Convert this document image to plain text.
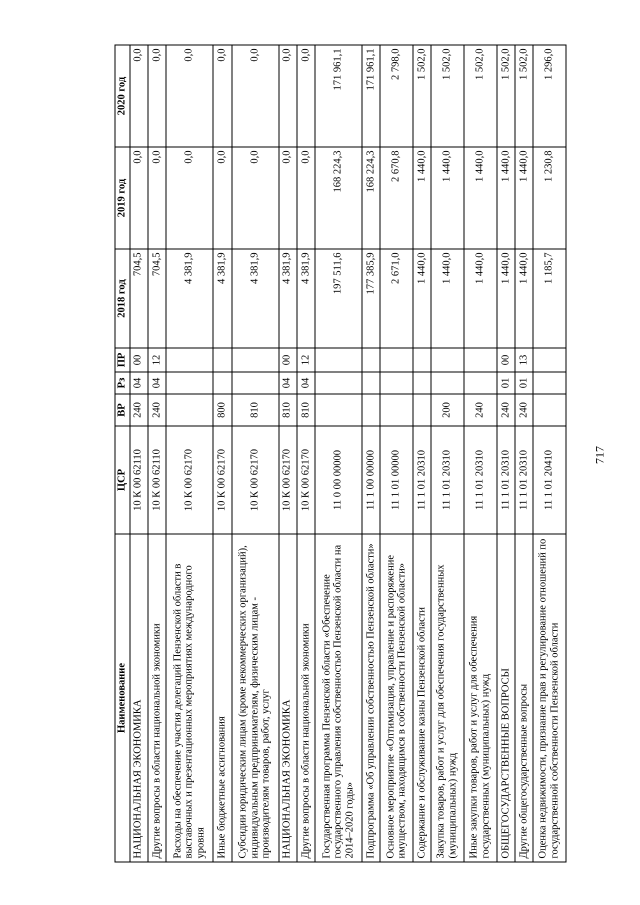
717
Наименование	ЦСР	ВР	Рз	ПР	2018 год	2019 год	2020 год
НАЦИОНАЛЬНАЯ ЭКОНОМИКА	10 К 00 62110	240	04	00	704,5	0,0	0,0
Другие вопросы в области национальной экономики	10 К 00 62110	240	04	12	704,5	0,0	0,0
Расходы на обеспечение участия делегаций Пензенской области в выставочных и презентационных мероприятиях международного уровня	10 К 00 62170				4 381,9	0,0	0,0
Иные бюджетные ассигнования	10 К 00 62170	800			4 381,9	0,0	0,0
Субсидии юридическим лицам (кроме некоммерческих организаций), индивидуальным предпринимателям, физическим лицам - производителям товаров, работ, услуг	10 К 00 62170	810			4 381,9	0,0	0,0
НАЦИОНАЛЬНАЯ ЭКОНОМИКА	10 К 00 62170	810	04	00	4 381,9	0,0	0,0
Другие вопросы в области национальной экономики	10 К 00 62170	810	04	12	4 381,9	0,0	0,0
Государственная программа Пензенской области «Обеспечение государственного управления собственностью Пензенской области на 2014–2020 годы»	11 0 00 00000				197 511,6	168 224,3	171 961,1
Подпрограмма «Об управлении собственностью Пензенской области»	11 1 00 00000				177 385,9	168 224,3	171 961,1
Основное мероприятие «Оптимизация, управление и распоряжение имуществом, находящимся в собственности Пензенской области»	11 1 01 00000				2 671,0	2 670,8	2 798,0
Содержание и обслуживание казны Пензенской области	11 1 01 20310				1 440,0	1 440,0	1 502,0
Закупка товаров, работ и услуг для обеспечения государственных (муниципальных) нужд	11 1 01 20310	200			1 440,0	1 440,0	1 502,0
Иные закупки товаров, работ и услуг для обеспечения государственных (муниципальных) нужд	11 1 01 20310	240			1 440,0	1 440,0	1 502,0
ОБЩЕГОСУДАРСТВЕННЫЕ ВОПРОСЫ	11 1 01 20310	240	01	00	1 440,0	1 440,0	1 502,0
Другие общегосударственные вопросы	11 1 01 20310	240	01	13	1 440,0	1 440,0	1 502,0
Оценка недвижимости, признание прав и регулирование отношений по государственной собственности Пензенской области	11 1 01 20410				1 185,7	1 230,8	1 296,0
